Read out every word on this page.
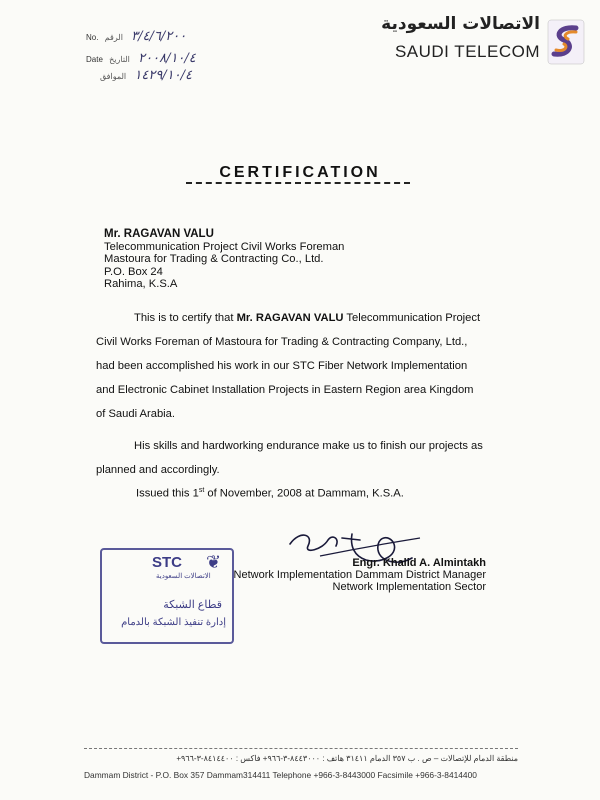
No.	٣/٤/٦/٢٠٠ الرقم
Date	٢٠٠٨/١٠/٤ التاريخ
١٤٢٩/١٠/٤ الموافق
الاتصالات السعودية
SAUDI TELECOM
CERTIFICATION
Mr. RAGAVAN VALU
Telecommunication Project Civil Works Foreman
Mastoura for Trading & Contracting Co., Ltd.
P.O. Box 24
Rahima, K.S.A
This is to certify that Mr. RAGAVAN VALU Telecommunication Project
Civil Works Foreman of Mastoura for Trading & Contracting Company, Ltd.,
had been accomplished his work in our STC Fiber Network Implementation
and Electronic Cabinet Installation Projects in Eastern Region area Kingdom
of Saudi Arabia.
His skills and hardworking endurance make us to finish our projects as
planned and accordingly.
Issued this 1st of November, 2008 at Dammam, K.S.A.
Engr. Khalid A. Almintakh
Network Implementation Dammam District Manager
Network Implementation Sector
STC
الاتصالات السعودية
❦
قطاع الشبكة
إدارة تنفيذ الشبكة بالدمام
منطقة الدمام للإتصالات – ص . ب ٣٥٧ الدمام ٣١٤١١ هاتف : ٨٤٤٣٠٠٠-٣-٩٦٦+ فاكس : ٨٤١٤٤٠٠-٣-٩٦٦+
Dammam District - P.O. Box 357 Dammam314411 Telephone +966-3-8443000 Facsimile +966-3-8414400
